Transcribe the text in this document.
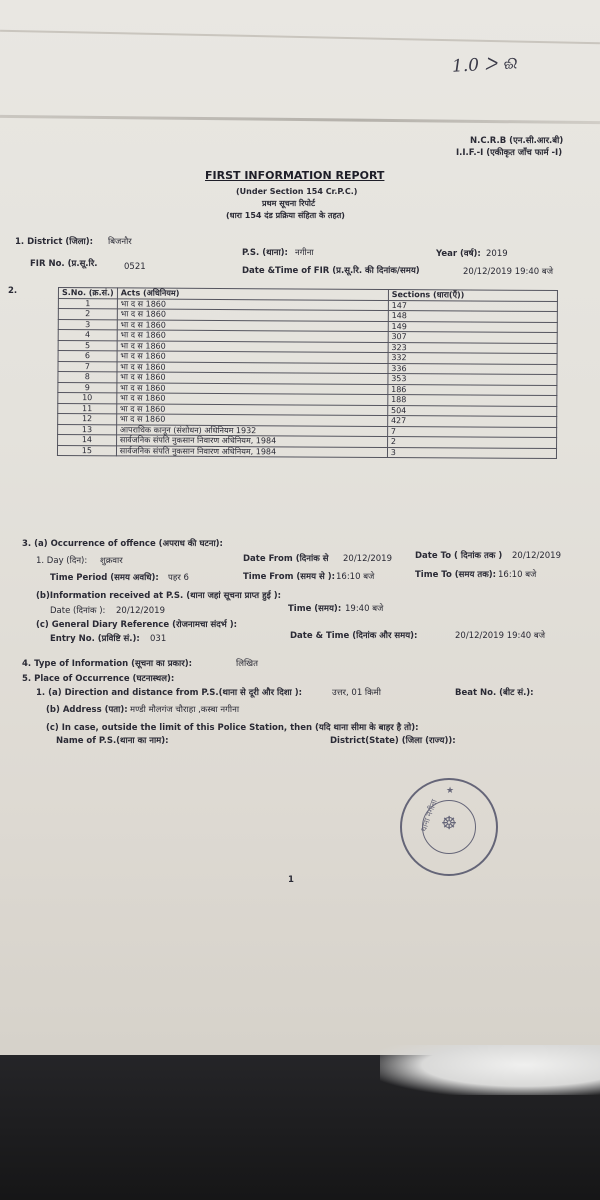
1.0 ᐳ ଈ
N.C.R.B (एन.सी.आर.बी)
I.I.F.-I (एकीकृत जाँच फार्म -I)
FIRST INFORMATION REPORT
(Under Section 154 Cr.P.C.)
प्रथम सूचना रिपोर्ट
(धारा 154 दंड प्रक्रिया संहिता के तहत)
1. District (जिला): बिजनौर
P.S. (थाना): नगीना	Year (वर्ष): 2019
FIR No. (प्र.सू.रि.	0521	Date &Time of FIR (प्र.सू.रि. की दिनांक/समय)	20/12/2019 19:40 बजे
2.	S.No. (क्र.सं.)	Acts (अधिनियम)	Sections (धारा(एँ))
1	भा द स 1860	147
2	भा द स 1860	148
3	भा द स 1860	149
4	भा द स 1860	307
5	भा द स 1860	323
6	भा द स 1860	332
7	भा द स 1860	336
8	भा द स 1860	353
9	भा द स 1860	186
10	भा द स 1860	188
11	भा द स 1860	504
12	भा द स 1860	427
13	आपराधिक कानून (संशोधन) अधिनियम 1932	7
14	सार्वजनिक संपति नुकसान निवारण अधिनियम, 1984	2
15	सार्वजनिक संपति नुकसान निवारण अधिनियम, 1984	3
3. (a) Occurrence of offence (अपराध की घटना):
1. Day (दिन): शुक्रवार	Date From (दिनांक से 20/12/2019	Date To ( दिनांक तक ) 20/12/2019
Time Period (समय अवधि): पहर 6	Time From (समय से ): 16:10 बजे	Time To (समय तक): 16:10 बजे
(b)Information received at P.S. (थाना जहां सूचना प्राप्त हुई ):
Date (दिनांक ): 20/12/2019	Time (समय): 19:40 बजे
(c) General Diary Reference (रोजनामचा संदर्भ ):
Entry No. (प्रविष्टि सं.): 031	Date & Time (दिनांक और समय):	20/12/2019 19:40 बजे
4. Type of Information (सूचना का प्रकार):	लिखित
5. Place of Occurrence (घटनास्थल):
1. (a) Direction and distance from P.S.(थाना से दूरी और दिशा ):	उत्तर, 01 किमी	Beat No. (बीट सं.):
(b) Address (पता): मण्डी मौलगंज चौराहा ,कस्बा नगीना
(c) In case, outside the limit of this Police Station, then (यदि थाना सीमा के बाहर है तो):
Name of P.S.(थाना का नाम):	District(State) (जिला (राज्य)):
☸
थाना नगीना
★
1
